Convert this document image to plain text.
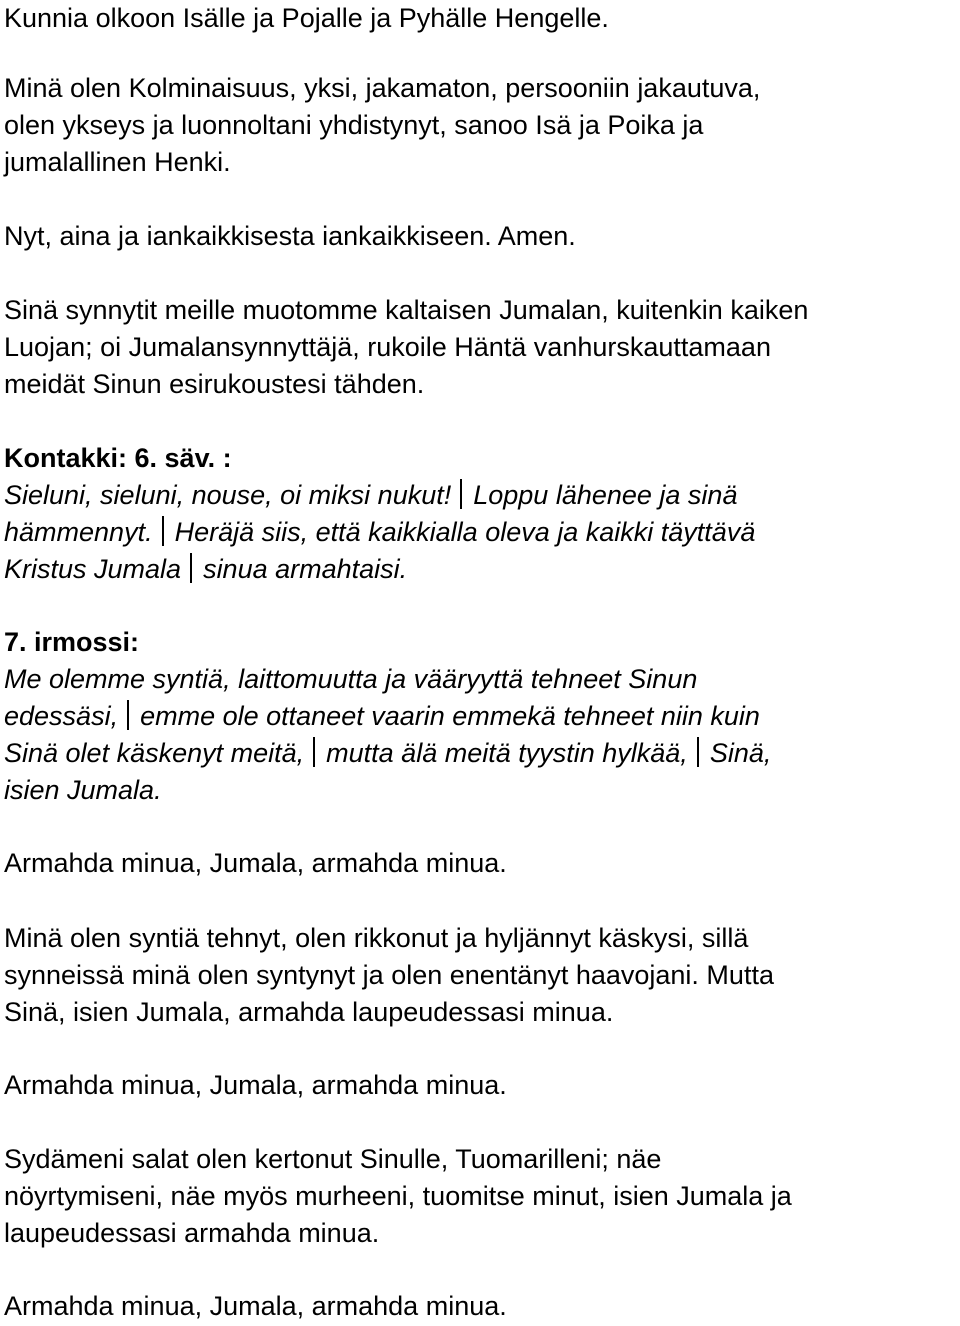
Kunnia olkoon Isälle ja Pojalle ja Pyhälle Hengelle.

Minä olen Kolminaisuus, yksi, jakamaton, persooniin jakautuva,
olen ykseys ja luonnoltani yhdistynyt, sanoo Isä ja Poika ja
jumalallinen Henki.

Nyt, aina ja iankaikkisesta iankaikkiseen. Amen.

Sinä synnytit meille muotomme kaltaisen Jumalan, kuitenkin kaiken
Luojan; oi Jumalansynnyttäjä, rukoile Häntä vanhurskauttamaan
meidät Sinun esirukoustesi tähden.

Kontakki: 6. säv. :
Sieluni, sieluni, nouse, oi miksi nukut! Loppu lähenee ja sinä
hämmennyt. Heräjä siis, että kaikkialla oleva ja kaikki täyttävä
Kristus Jumala sinua armahtaisi.
7. irmossi:
Me olemme syntiä, laittomuutta ja vääryyttä tehneet Sinun
edessäsi, emme ole ottaneet vaarin emmekä tehneet niin kuin
Sinä olet käskenyt meitä, mutta älä meitä tyystin hylkää, Sinä,
isien Jumala.

Armahda minua, Jumala, armahda minua.

Minä olen syntiä tehnyt, olen rikkonut ja hyljännyt käskysi, sillä
synneissä minä olen syntynyt ja olen enentänyt haavojani. Mutta
Sinä, isien Jumala, armahda laupeudessasi minua.

Armahda minua, Jumala, armahda minua.

Sydämeni salat olen kertonut Sinulle, Tuomarilleni; näe
nöyrtymiseni, näe myös murheeni, tuomitse minut, isien Jumala ja
laupeudessasi armahda minua.

Armahda minua, Jumala, armahda minua.
